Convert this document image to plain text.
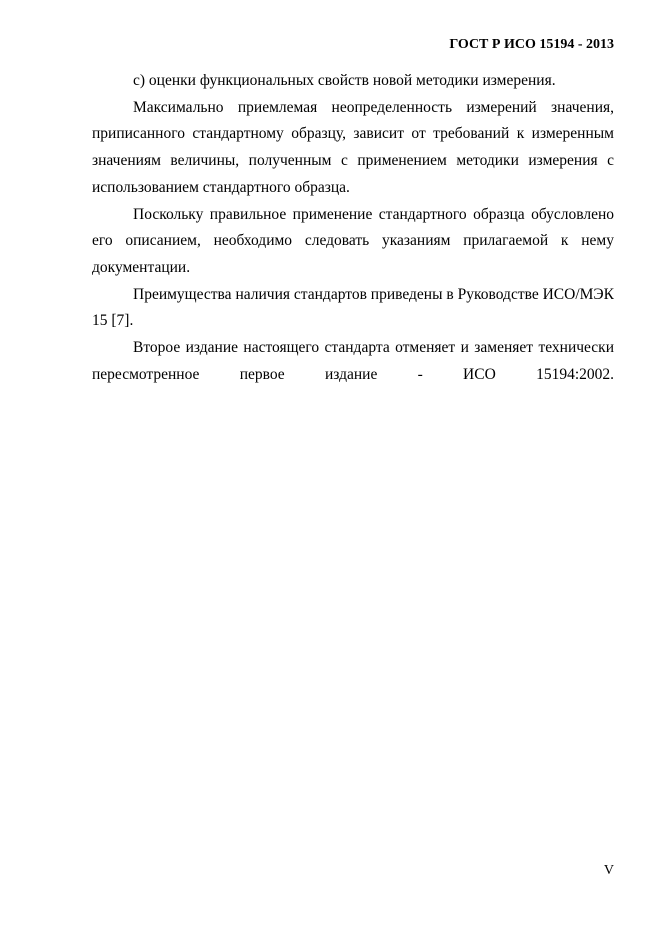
ГОСТ Р ИСО 15194 - 2013

c) оценки функциональных свойств новой методики измерения.

Максимально приемлемая неопределенность измерений значения, приписанного стандартному образцу, зависит от требований к измеренным значениям величины, полученным с применением методики измерения с использованием стандартного образца.

Поскольку правильное применение стандартного образца обусловлено его описанием, необходимо следовать указаниям прилагаемой к нему документации.

Преимущества наличия стандартов приведены в Руководстве ИСО/МЭК 15 [7].

Второе издание настоящего стандарта отменяет и заменяет технически пересмотренное первое издание - ИСО 15194:2002.

V
